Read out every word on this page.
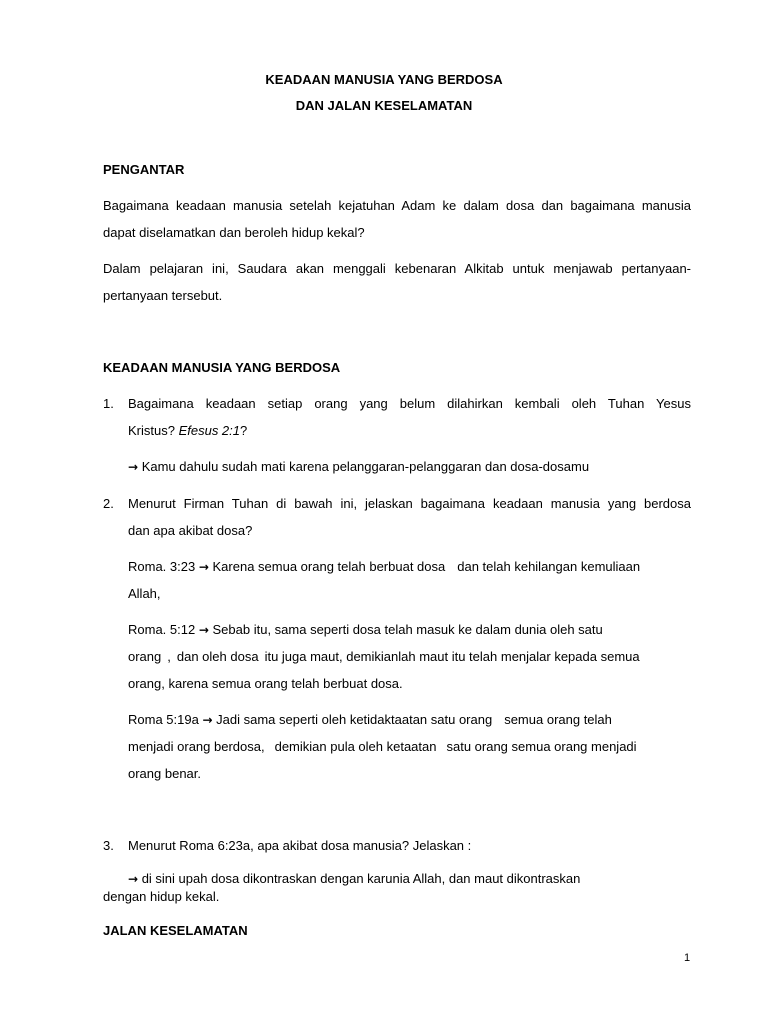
KEADAAN MANUSIA YANG BERDOSA
DAN JALAN KESELAMATAN
PENGANTAR
Bagaimana keadaan manusia setelah kejatuhan Adam ke dalam dosa dan bagaimana manusia
dapat diselamatkan dan beroleh hidup kekal?
Dalam pelajaran ini, Saudara akan menggali kebenaran Alkitab untuk menjawab pertanyaan-
pertanyaan tersebut.
KEADAAN MANUSIA YANG BERDOSA
1. Bagaimana keadaan setiap orang yang belum dilahirkan kembali oleh Tuhan Yesus
Kristus? Efesus 2:1?
→ Kamu dahulu sudah mati karena pelanggaran-pelanggaran dan dosa-dosamu
2. Menurut Firman Tuhan di bawah ini, jelaskan bagaimana keadaan manusia yang berdosa
dan apa akibat dosa?
Roma. 3:23 → Karena semua orang telah berbuat dosa dan telah kehilangan kemuliaan
Allah,
Roma. 5:12 → Sebab itu, sama seperti dosa telah masuk ke dalam dunia oleh satu
orang , dan oleh dosa itu juga maut, demikianlah maut itu telah menjalar kepada semua
orang, karena semua orang telah berbuat dosa.
Roma 5:19a → Jadi sama seperti oleh ketidaktaatan satu orang semua orang telah
menjadi orang berdosa, demikian pula oleh ketaatan satu orang semua orang menjadi
orang benar.
3. Menurut Roma 6:23a, apa akibat dosa manusia? Jelaskan :
→ di sini upah dosa dikontraskan dengan karunia Allah, dan maut dikontraskan
dengan hidup kekal.
JALAN KESELAMATAN
1
